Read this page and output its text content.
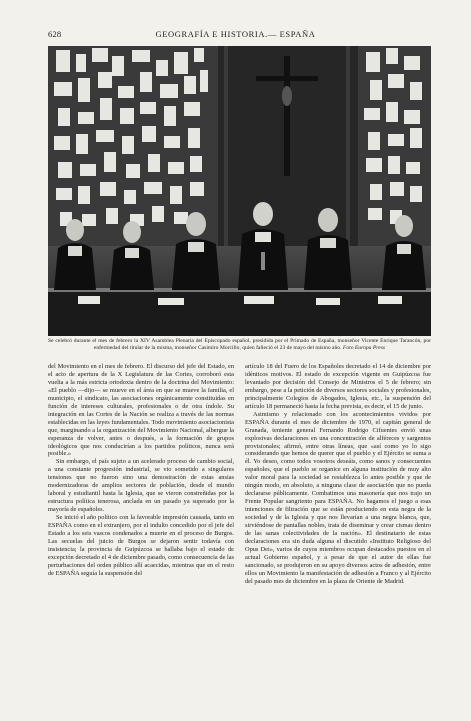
628	GEOGRAFÍA E HISTORIA.— ESPAÑA
Se celebró durante el mes de febrero la XIV Asamblea Plenaria del Episcopado español, presidida por el Primado de España, monseñor Vicente Enrique Tarancón, por enfermedad del titular de la misma, monseñor Casimiro Morcillo, quien falleció el 23 de mayo del mismo año. Foto Europa Press

del Movimiento en el mes de febrero. El discurso del jefe del Estado, en el acto de apertura de la X Legislatura de las Cortes, corroboró esta vuelta a la más estricta ortodoxia dentro de la doctrina del Movimiento: «El pueblo —dijo— se mueve en el área en que se mueve la familia, el municipio, el sindicato, las asociaciones orgánicamente constituidas en función de intereses culturales, profesionales o de otra índole. Su integración en las Cortes de la Nación se realiza a través de las normas establecidas en las leyes fundamentales. Todo movimiento asociacionista que, marginando a la organización del Movimiento Nacional, albergue la esperanza de volver, antes o después, a la formación de grupos ideológicos que nos conducirían a los partidos políticos, nunca será posible.»

Sin embargo, el país sujeto a un acelerado proceso de cambio social, a una constante progresión industrial, se vio sometido a singulares tensiones que no fueron sino una demostración de estas ansias modernizadoras de amplios sectores de población, desde el mundo laboral y estudiantil hasta la Iglesia, que se vieron constreñidas por la estructura política tenerosa, anclada en un pasado ya superado por la mayoría de españoles.

Se inició el año político con la favorable impresión causada, tanto en ESPAÑA como en el extranjero, por el indulto concedido por el jefe del Estado a los seis vascos condenados a muerte en el proceso de Burgos. Las secuelas del juicio de Burgos se dejaron sentir todavía con insistencia; la provincia de Guipúzcoa se hallaba bajo el estado de excepción decretado el 4 de diciembre pasado, como consecuencia de las perturbaciones del orden público allí acaecidas, mientras que en el resto de ESPAÑA seguía la suspensión del

artículo 18 del Fuero de los Españoles decretado el 14 de diciembre por idénticos motivos. El estado de excepción vigente en Guipúzcoa fue levantado por decisión del Consejo de Ministros el 5 de febrero; sin embargo, pese a la petición de diversos sectores sociales y profesionales, principalmente Colegios de Abogados, Iglesia, etc., la suspensión del artículo 18 permaneció hasta la fecha prevista, es decir, el 15 de junio.

Asimismo y relacionado con los acontecimientos vividos por ESPAÑA durante el mes de diciembre de 1970, el capitán general de Granada, teniente general Fernando Rodrigo Cifuentes envió unas explosivas declaraciones en una concentración de alféreces y sargentos provisionales; afirmó, entre otras líneas, que «así como yo lo sigo considerando que hemos de querer que el pueblo y el Ejército se suma a él. Yo deseo, como todos vosotros deseáis, como sanos y consecuentes españoles, que el pueblo se organice en alguna institución de muy alto valor moral para la sociedad se restablezca lo antes posible y que de ningún modo, en absoluto, a ninguna clase de asociación que no pueda declararse públicamente. Combatimos una masonería que nos trajo un Frente Popular sangriento para ESPAÑA. No hagamos el juego a esas intenciones de filtración que se están produciendo en esta negra de la sociedad y de la Iglesia y que nos llevarían a una negra blanca, que, sirviéndose de pantallas nobles, trata de diseminar y crear cismas dentro de las sanas colectividades de la nación». El destinatario de estas declaraciones era sin duda alguna el discutido «Instituto Religioso del Opus Dei», varios de cuyos miembros ocupan destacados puestos en el actual Gobierno español, y a pesar de que el autor de ellas fue sancionado, se produjeron en su apoyo diversos actos de adhesión, entre ellos un Movimiento la manifestación de adhesión a Franco y al Ejército del pasado mes de diciembre en la plaza de Oriente de Madrid.
